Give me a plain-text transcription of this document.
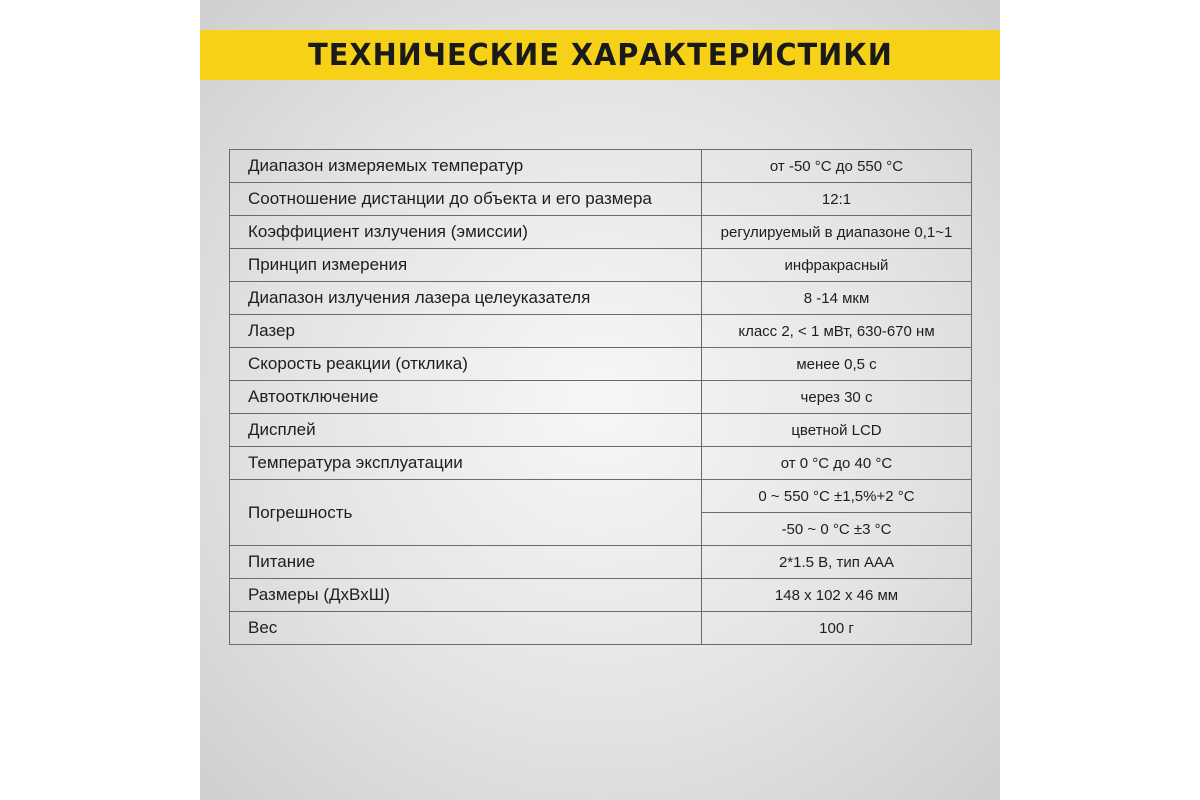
ТЕХНИЧЕСКИЕ ХАРАКТЕРИСТИКИ
Диапазон измеряемых температур	от -50 °С до 550 °С
Соотношение дистанции до объекта и его размера	12:1
Коэффициент излучения (эмиссии)	регулируемый в диапазоне 0,1~1
Принцип измерения	инфракрасный
Диапазон излучения лазера целеуказателя	8 -14 мкм
Лазер	класс 2, < 1 мВт, 630-670 нм
Скорость реакции (отклика)	менее 0,5 с
Автоотключение	через 30 с
Дисплей	цветной LCD
Температура эксплуатации	от 0 °С до 40 °С
Погрешность	0 ~ 550 °С ±1,5%+2 °С
	-50 ~ 0 °С ±3 °С
Питание	2*1.5 В, тип ААА
Размеры (ДхВхШ)	148 х 102 х 46 мм
Вес	100 г
